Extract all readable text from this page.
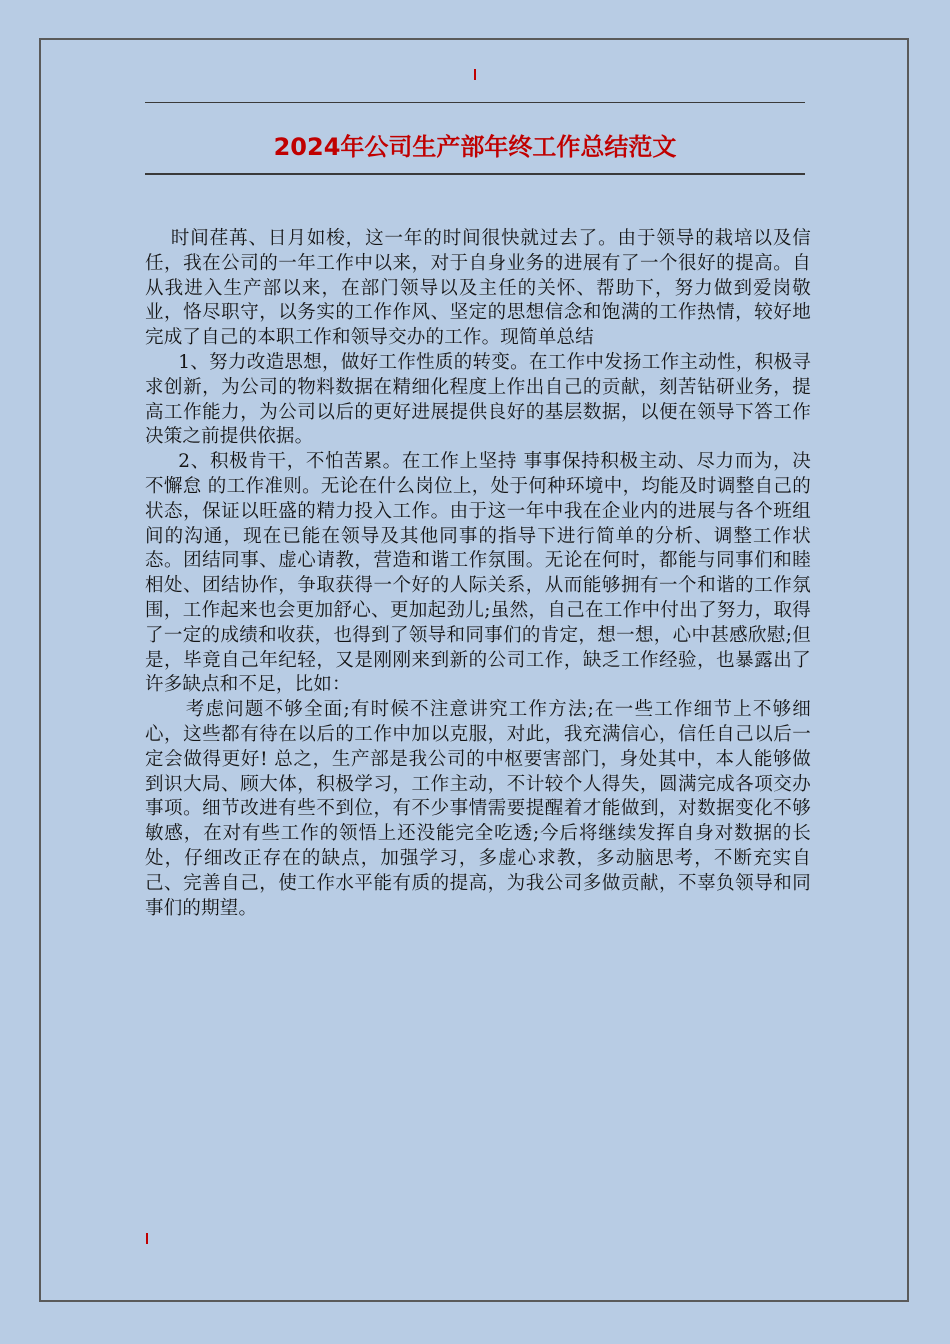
2024年公司生产部年终工作总结范文

时间荏苒、日月如梭，这一年的时间很快就过去了。由于领导的栽培以及信任，我在公司的一年工作中以来，对于自身业务的进展有了一个很好的提高。自从我进入生产部以来，在部门领导以及主任的关怀、帮助下，努力做到爱岗敬业，恪尽职守，以务实的工作作风、坚定的思想信念和饱满的工作热情，较好地完成了自己的本职工作和领导交办的工作。现简单总结

1、努力改造思想，做好工作性质的转变。在工作中发扬工作主动性，积极寻求创新，为公司的物料数据在精细化程度上作出自己的贡献，刻苦钻研业务，提高工作能力，为公司以后的更好进展提供良好的基层数据，以便在领导下答工作决策之前提供依据。

2、积极肯干，不怕苦累。在工作上坚持 事事保持积极主动、尽力而为，决不懈怠 的工作准则。无论在什么岗位上，处于何种环境中，均能及时调整自己的状态，保证以旺盛的精力投入工作。由于这一年中我在企业内的进展与各个班组间的沟通，现在已能在领导及其他同事的指导下进行简单的分析、调整工作状态。团结同事、虚心请教，营造和谐工作氛围。无论在何时，都能与同事们和睦相处、团结协作，争取获得一个好的人际关系，从而能够拥有一个和谐的工作氛围，工作起来也会更加舒心、更加起劲儿;虽然，自己在工作中付出了努力，取得了一定的成绩和收获，也得到了领导和同事们的肯定，想一想，心中甚感欣慰;但是，毕竟自己年纪轻，又是刚刚来到新的公司工作，缺乏工作经验，也暴露出了许多缺点和不足，比如：

考虑问题不够全面;有时候不注意讲究工作方法;在一些工作细节上不够细心，这些都有待在以后的工作中加以克服，对此，我充满信心，信任自己以后一定会做得更好! 总之，生产部是我公司的中枢要害部门，身处其中，本人能够做到识大局、顾大体，积极学习，工作主动，不计较个人得失，圆满完成各项交办事项。细节改进有些不到位，有不少事情需要提醒着才能做到，对数据变化不够敏感，在对有些工作的领悟上还没能完全吃透;今后将继续发挥自身对数据的长处，仔细改正存在的缺点，加强学习，多虚心求教，多动脑思考，不断充实自己、完善自己，使工作水平能有质的提高，为我公司多做贡献，不辜负领导和同事们的期望。
